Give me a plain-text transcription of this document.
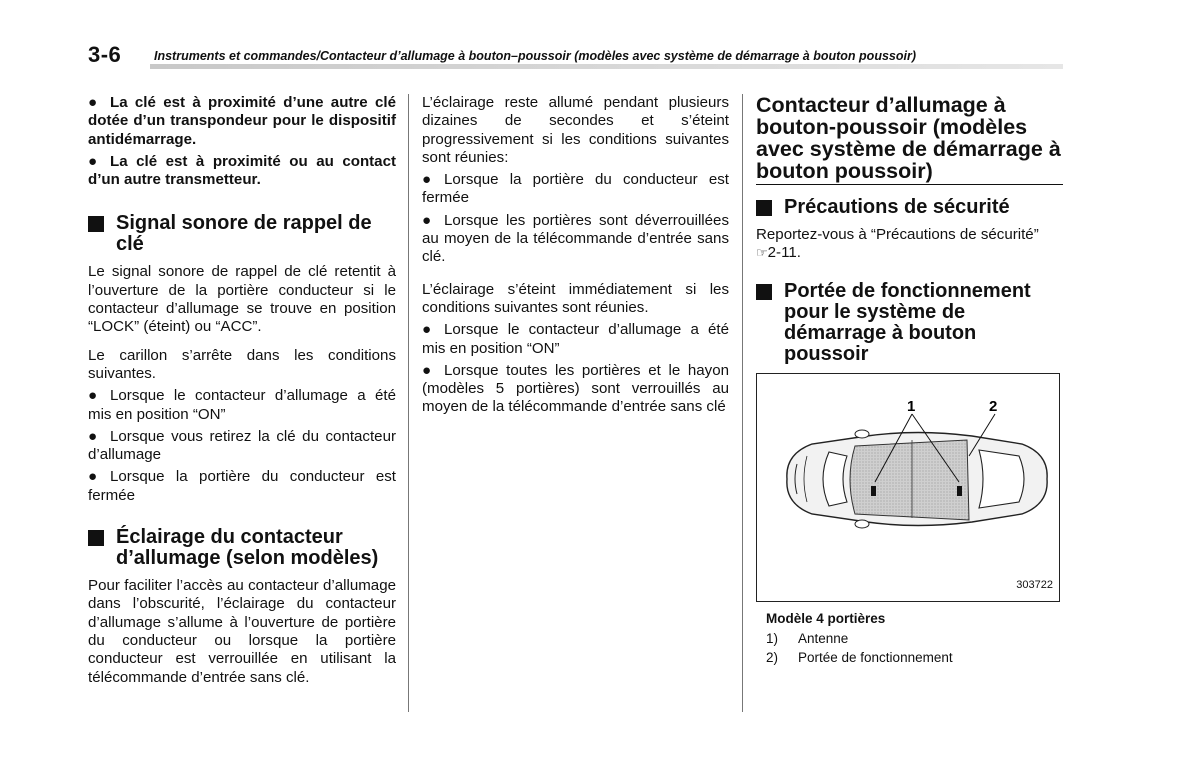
3-6	Instruments et commandes/Contacteur d’allumage à bouton–poussoir (modèles avec système de démarrage à bouton poussoir)
● La clé est à proximité d’une autre clé dotée d’un transpondeur pour le dispositif antidémarrage.
● La clé est à proximité ou au contact d’un autre transmetteur.
Signal sonore de rappel de clé

Le signal sonore de rappel de clé retentit à l’ouverture de la portière conducteur si le contacteur d’allumage se trouve en position “LOCK” (éteint) ou “ACC”.

Le carillon s’arrête dans les conditions suivantes.

● Lorsque le contacteur d’allumage a été mis en position “ON”
● Lorsque vous retirez la clé du contacteur d’allumage
● Lorsque la portière du conducteur est fermée
Éclairage du contacteur d’allumage (selon modèles)

Pour faciliter l’accès au contacteur d’allumage dans l’obscurité, l’éclairage du contacteur d’allumage s’allume à l’ouverture de portière du conducteur ou lorsque la portière conducteur est verrouillée en utilisant la télécommande d’entrée sans clé.

L’éclairage reste allumé pendant plusieurs dizaines de secondes et s’éteint progressivement si les conditions suivantes sont réunies:

● Lorsque la portière du conducteur est fermée
● Lorsque les portières sont déverrouillées au moyen de la télécommande d’entrée sans clé.

L’éclairage s’éteint immédiatement si les conditions suivantes sont réunies.

● Lorsque le contacteur d’allumage a été mis en position “ON”
● Lorsque toutes les portières et le hayon (modèles 5 portières) sont verrouillés au moyen de la télécommande d’entrée sans clé
Contacteur d’allumage à bouton-poussoir (modèles avec système de démarrage à bouton poussoir)
Précautions de sécurité

Reportez-vous à “Précautions de sécurité”
☞2-11.

Portée de fonctionnement pour le système de démarrage à bouton poussoir
1	2
303722
Modèle 4 portières
1) Antenne
2) Portée de fonctionnement
